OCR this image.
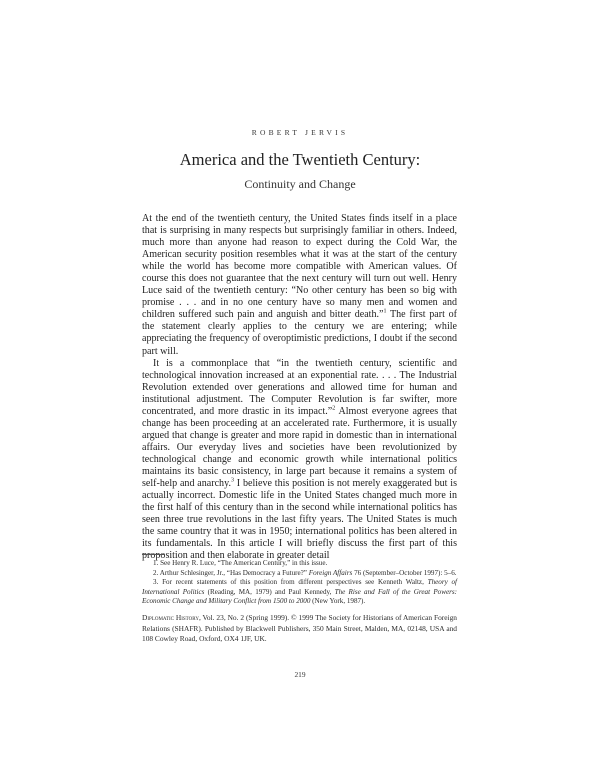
ROBERT JERVIS
America and the Twentieth Century:
Continuity and Change

At the end of the twentieth century, the United States finds itself in a place that is surprising in many respects but surprisingly familiar in others. Indeed, much more than anyone had reason to expect during the Cold War, the American security position resembles what it was at the start of the century while the world has become more compatible with American values. Of course this does not guarantee that the next century will turn out well. Henry Luce said of the twentieth century: “No other century has been so big with promise . . . and in no one century have so many men and women and children suffered such pain and anguish and bitter death.”$^1$ The first part of the statement clearly applies to the century we are entering; while appreciating the frequency of overoptimistic predictions, I doubt if the second part will.

It is a commonplace that “in the twentieth century, scientific and technological innovation increased at an exponential rate. . . . The Industrial Revolution extended over generations and allowed time for human and institutional adjustment. The Computer Revolution is far swifter, more concentrated, and more drastic in its impact.”$^2$ Almost everyone agrees that change has been proceeding at an accelerated rate. Furthermore, it is usually argued that change is greater and more rapid in domestic than in international affairs. Our everyday lives and societies have been revolutionized by technological change and economic growth while international politics maintains its basic consistency, in large part because it remains a system of self-help and anarchy.$^3$ I believe this position is not merely exaggerated but is actually incorrect. Domestic life in the United States changed much more in the first half of this century than in the second while international politics has seen three true revolutions in the last fifty years. The United States is much the same country that it was in 1950; international politics has been altered in its fundamentals. In this article I will briefly discuss the first part of this proposition and then elaborate in greater detail

1. See Henry R. Luce, “The American Century,” in this issue.

2. Arthur Schlesinger, Jr., “Has Democracy a Future?” Foreign Affairs 76 (September–October 1997): 5–6.

3. For recent statements of this position from different perspectives see Kenneth Waltz, Theory of International Politics (Reading, MA, 1979) and Paul Kennedy, The Rise and Fall of the Great Powers: Economic Change and Military Conflict from 1500 to 2000 (New York, 1987).

Diplomatic History, Vol. 23, No. 2 (Spring 1999). © 1999 The Society for Historians of American Foreign Relations (SHAFR). Published by Blackwell Publishers, 350 Main Street, Malden, MA, 02148, USA and 108 Cowley Road, Oxford, OX4 1JF, UK.
219
